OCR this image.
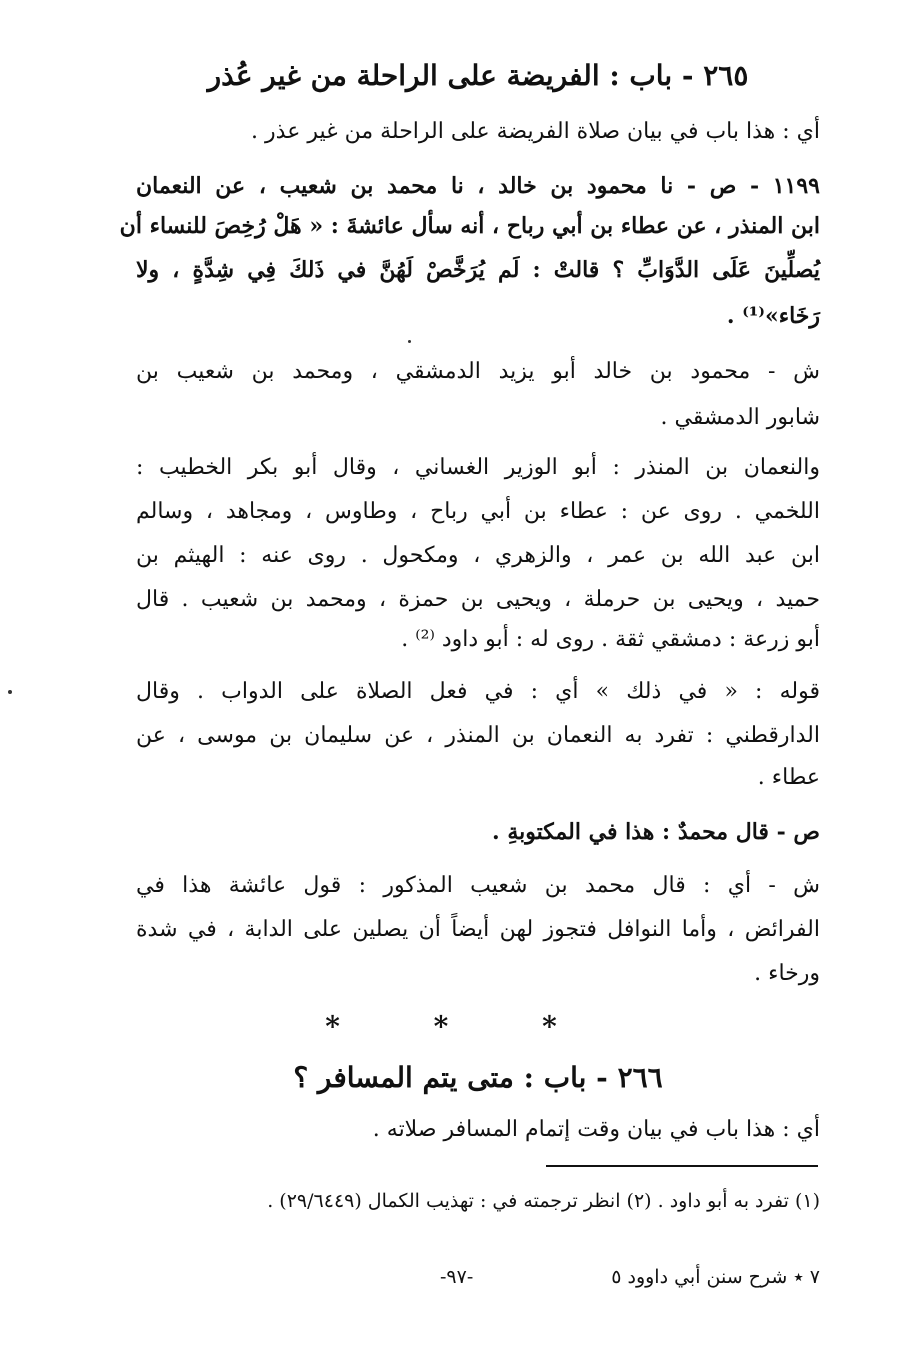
٢٦٥ - باب : الفريضة على الراحلة من غير عُذر
أي : هذا باب في بيان صلاة الفريضة على الراحلة من غير عذر .
١١٩٩ - ص - نا محمود بن خالد ، نا محمد بن شعيب ، عن النعمان
ابن المنذر ، عن عطاء بن أبي رباح ، أنه سأل عائشةَ : « هَلْ رُخِصَ للنساء أن
يُصلِّينَ عَلَى الدَّوَابِّ ؟ قالتْ : لَم يُرَخَّصْ لَهُنَّ في ذَلكَ فِي شِدَّةٍ ، ولا
رَخَاء»⁽¹⁾ .
ش - محمود بن خالد أبو يزيد الدمشقي ، ومحمد بن شعيب بن
شابور الدمشقي .
والنعمان بن المنذر : أبو الوزير الغساني ، وقال أبو بكر الخطيب :
اللخمي . روى عن : عطاء بن أبي رباح ، وطاوس ، ومجاهد ، وسالم
ابن عبد الله بن عمر ، والزهري ، ومكحول . روى عنه : الهيثم بن
حميد ، ويحيى بن حرملة ، ويحيى بن حمزة ، ومحمد بن شعيب . قال
أبو زرعة : دمشقي ثقة . روى له : أبو داود ⁽²⁾ .
قوله : « في ذلك » أي : في فعل الصلاة على الدواب . وقال
الدارقطني : تفرد به النعمان بن المنذر ، عن سليمان بن موسى ، عن
عطاء .
ص - قال محمدٌ : هذا في المكتوبةِ .
ش - أي : قال محمد بن شعيب المذكور : قول عائشة هذا في
الفرائض ، وأما النوافل فتجوز لهن أيضاً أن يصلين على الدابة ، في شدة
ورخاء .
* * *
٢٦٦ - باب : متى يتم المسافر ؟
أي : هذا باب في بيان وقت إتمام المسافر صلاته .
(١) تفرد به أبو داود . (٢) انظر ترجمته في : تهذيب الكمال (٢٩/٦٤٤٩) .
٧ ٭ شرح سنن أبي داوود ٥
-٩٧-
